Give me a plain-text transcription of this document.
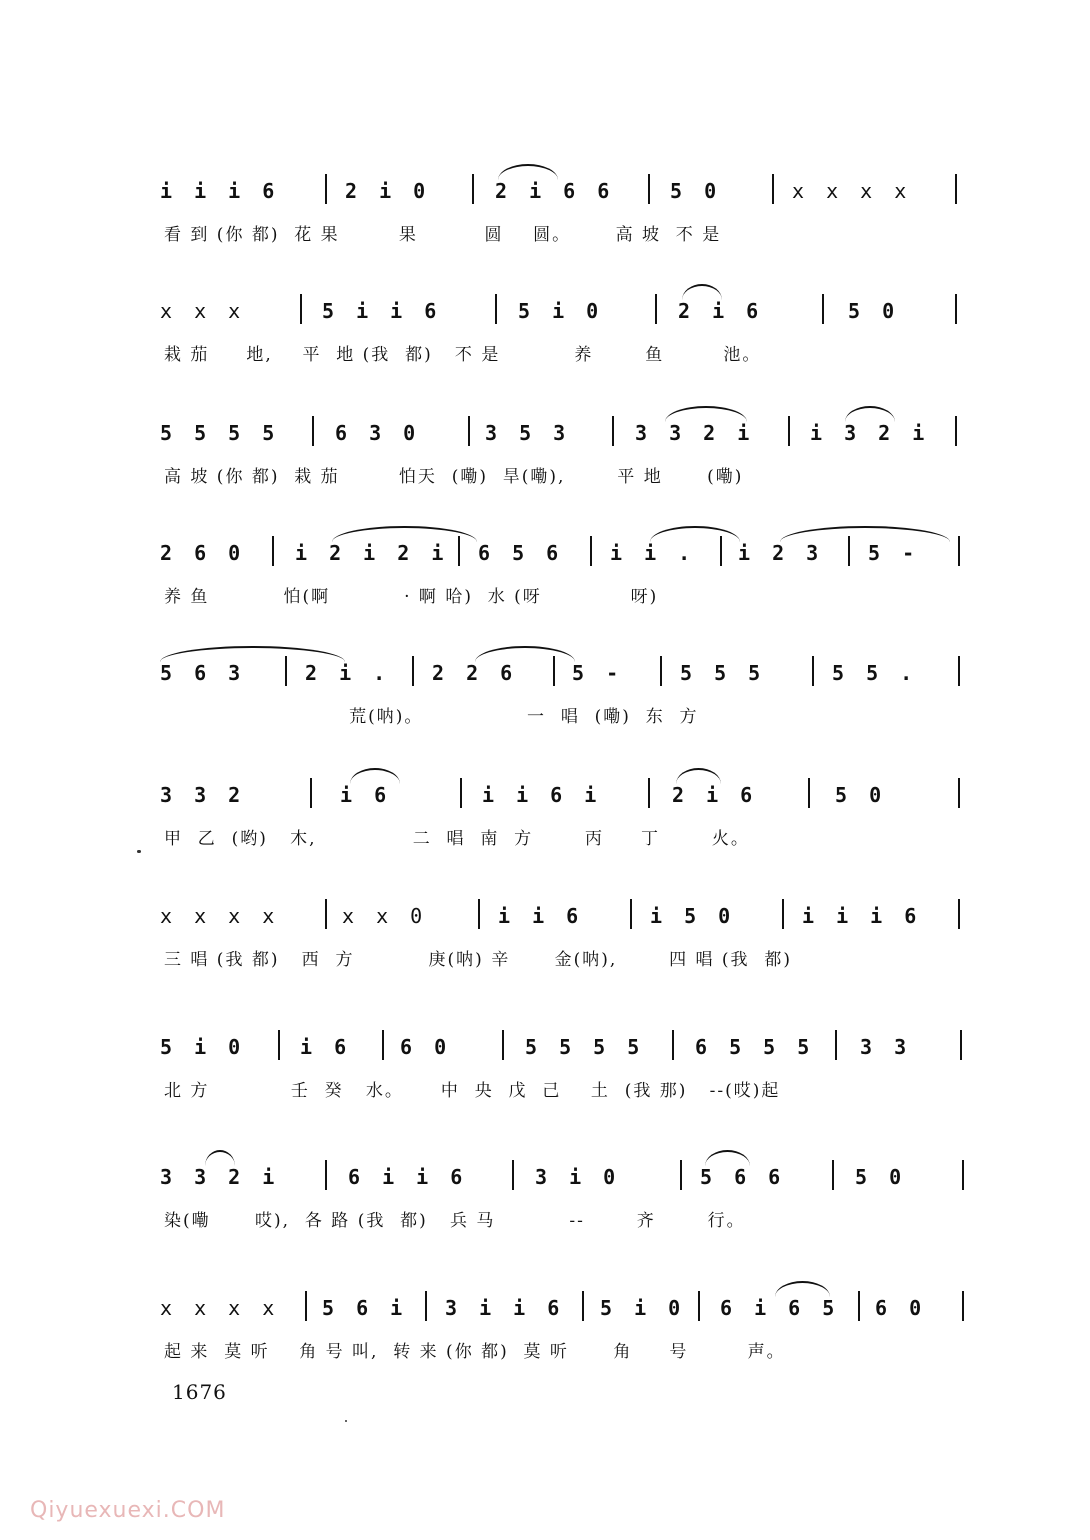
i i i 6	2 i 0	2 i 6 6	5 0	x x x x
看 到 (你 都)  花 果        果         圆    圆。      高 坡  不 是
x x x	5 i i 6	5 i 0	2 i 6	5 0
栽 茄     地,    平  地 (我  都)   不 是          养       鱼        池。
5 5 5 5	6 3 0	3 5 3	3 3 2 i	i 3 2 i
高 坡 (你 都)  栽 茄        怕天  (嘞)  旱(嘞),       平 地      (嘞)
2 6 0 i 2 i 2 i 6 5 6 i i . i 2 3 5 -
养 鱼          怕(啊          · 啊 哈)  水 (呀            呀)
5 6 3	2 i . 2 2 6	5 -	5 5 5	5 5 .
荒(呐)。              一  唱  (嘞)  东  方
3 3 2	i 6	i i 6 i	2 i 6	5 0
甲  乙  (哟)   木,             二  唱  南  方       丙     丁       火。
x x x x	x x 0	i i 6	i 5 0	i i i 6
三 唱 (我 都)   西  方          庚(呐) 辛      金(呐),       四 唱 (我  都)
5 i 0	i 6 6 0	5 5 5 5	6 5 5 5 3 3
北 方           壬  癸   水。     中  央  戊  己    土  (我 那)   --(哎)起
3 3 2 i	6 i i 6	3 i 0	5 6 6	5 0
染(嘞      哎),  各 路 (我  都)   兵 马          --       齐       行。
x x x x 5 6 i 3 i i 6 5 i 0 6 i 6 5 6 0
起 来  莫 听    角 号 叫,  转 来 (你 都)  莫 听      角     号        声。
1676
Qiyuexuexi.COM
